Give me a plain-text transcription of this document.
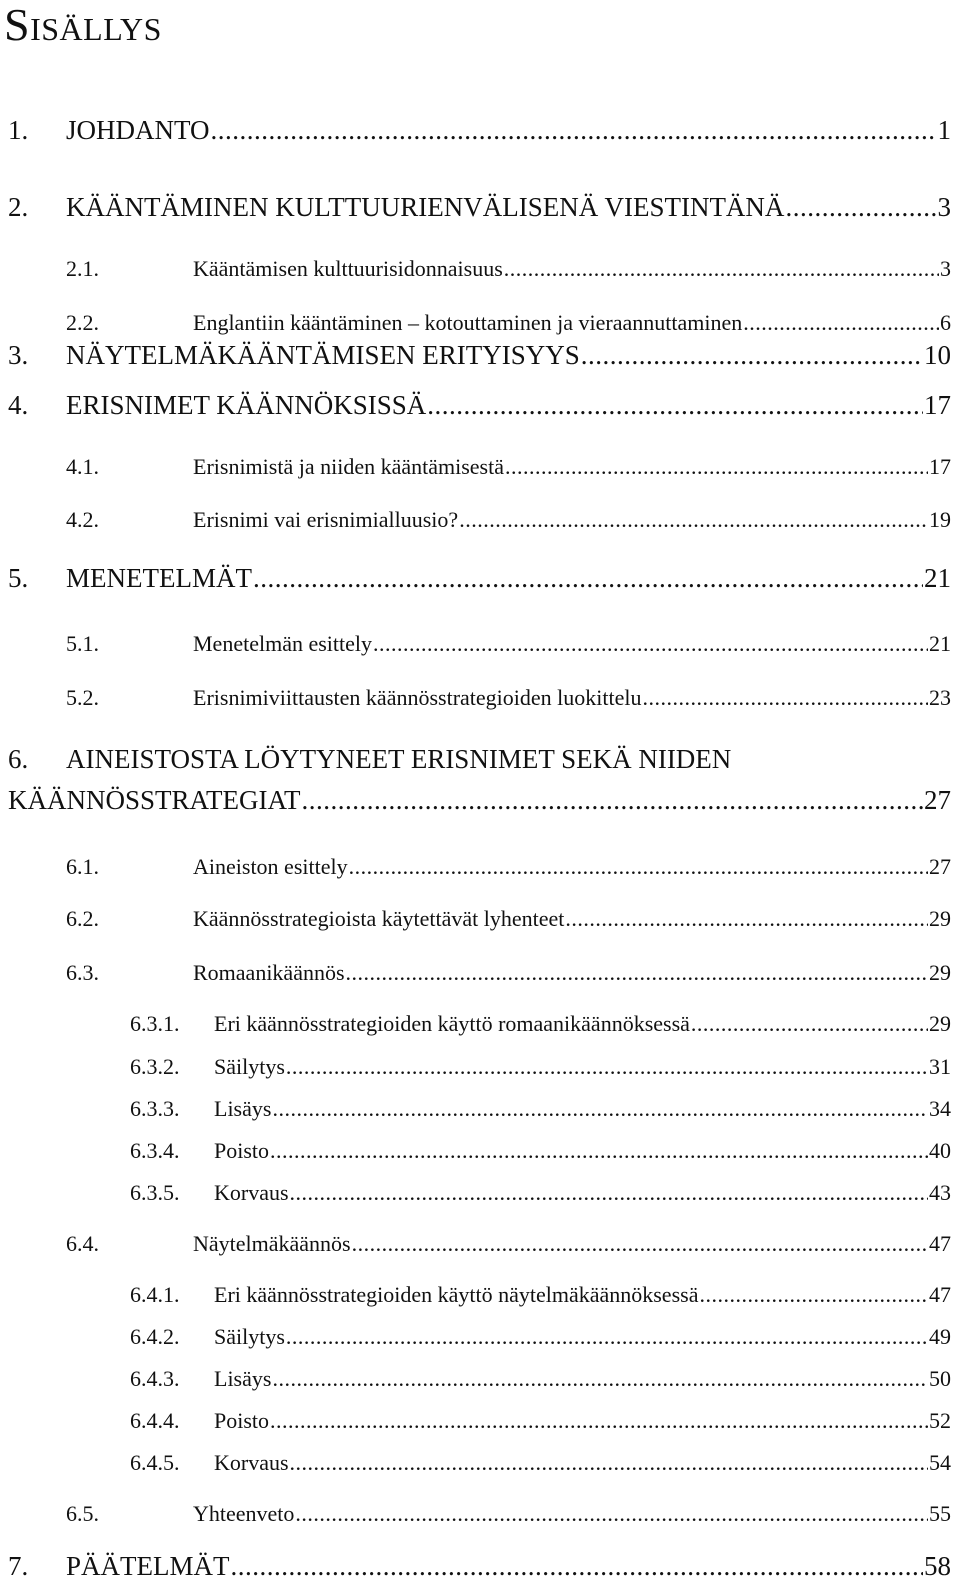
Sisällys
1.	JOHDANTO .....	1
2.	KÄÄNTÄMINEN KULTTUURIENVÄLISENÄ VIESTINTÄNÄ .....	3
2.1.	Kääntämisen kulttuurisidonnaisuus .....	3
2.2.	Englantiin kääntäminen – kotouttaminen ja vieraannuttaminen .....	6
3.	NÄYTELMÄKÄÄNTÄMISEN ERITYISYYS .....	10
4.	ERISNIMET KÄÄNNÖKSISSÄ .....	17
4.1.	Erisnimistä ja niiden kääntämisestä .....	17
4.2.	Erisnimi vai erisnimialluusio? .....	19
5.	MENETELMÄT .....	21
5.1.	Menetelmän esittely .....	21
5.2.	Erisnimiviittausten käännösstrategioiden luokittelu .....	23
6. AINEISTOSTA LÖYTYNEET ERISNIMET SEKÄ NIIDEN
KÄÄNNÖSSTRATEGIAT .....	27
6.1.	Aineiston esittely .....	27
6.2.	Käännösstrategioista käytettävät lyhenteet .....	29
6.3.	Romaanikäännös .....	29
6.3.1.	Eri käännösstrategioiden käyttö romaanikäännöksessä .....	29
6.3.2.	Säilytys .....	31
6.3.3.	Lisäys .....	34
6.3.4.	Poisto .....	40
6.3.5.	Korvaus .....	43
6.4.	Näytelmäkäännös .....	47
6.4.1.	Eri käännösstrategioiden käyttö näytelmäkäännöksessä .....	47
6.4.2.	Säilytys .....	49
6.4.3.	Lisäys .....	50
6.4.4.	Poisto .....	52
6.4.5.	Korvaus .....	54
6.5.	Yhteenveto .....	55
7.	PÄÄTELMÄT .....	58
